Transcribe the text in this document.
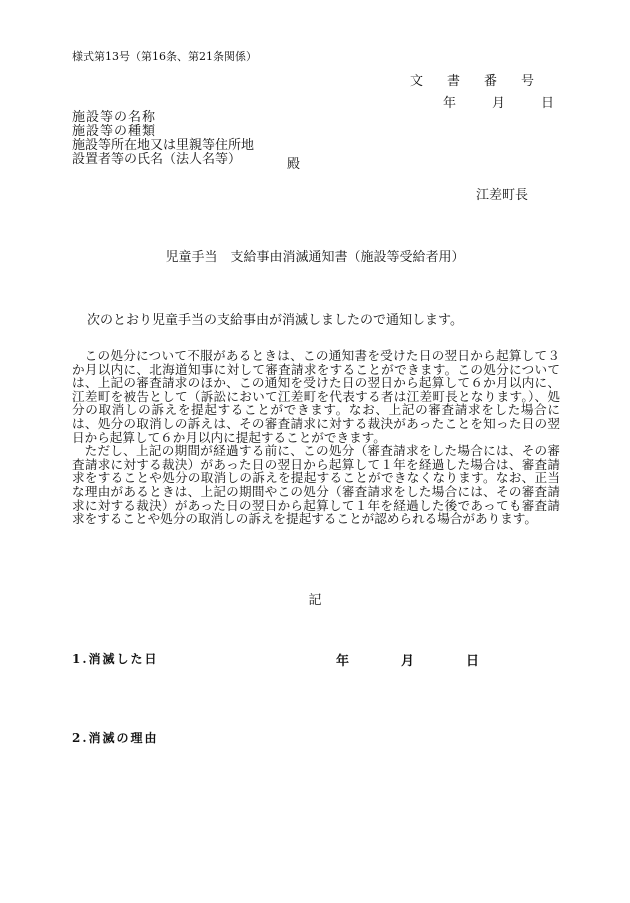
様式第13号（第16条、第21条関係）
文書番号
年 月 日
施設等の名称
施設等の種類
施設等所在地又は里親等住所地
設置者等の氏名（法人名等）	殿
江差町長
児童手当　支給事由消滅通知書（施設等受給者用）
次のとおり児童手当の支給事由が消滅しましたので通知します。

この処分について不服があるときは、この通知書を受けた日の翌日から起算して３か月以内に、北海道知事に対して審査請求をすることができます。この処分については、上記の審査請求のほか、この通知を受けた日の翌日から起算して６か月以内に、江差町を被告として（訴訟において江差町を代表する者は江差町長となります。）、処分の取消しの訴えを提起することができます。なお、上記の審査請求をした場合には、処分の取消しの訴えは、その審査請求に対する裁決があったことを知った日の翌日から起算して６か月以内に提起することができます。

ただし、上記の期間が経過する前に、この処分（審査請求をした場合には、その審査請求に対する裁決）があった日の翌日から起算して１年を経過した場合は、審査請求をすることや処分の取消しの訴えを提起することができなくなります。なお、正当な理由があるときは、上記の期間やこの処分（審査請求をした場合には、その審査請求に対する裁決）があった日の翌日から起算して１年を経過した後であっても審査請求をすることや処分の取消しの訴えを提起することが認められる場合があります。

記
1.消滅した日	年	月	日
2.消滅の理由
